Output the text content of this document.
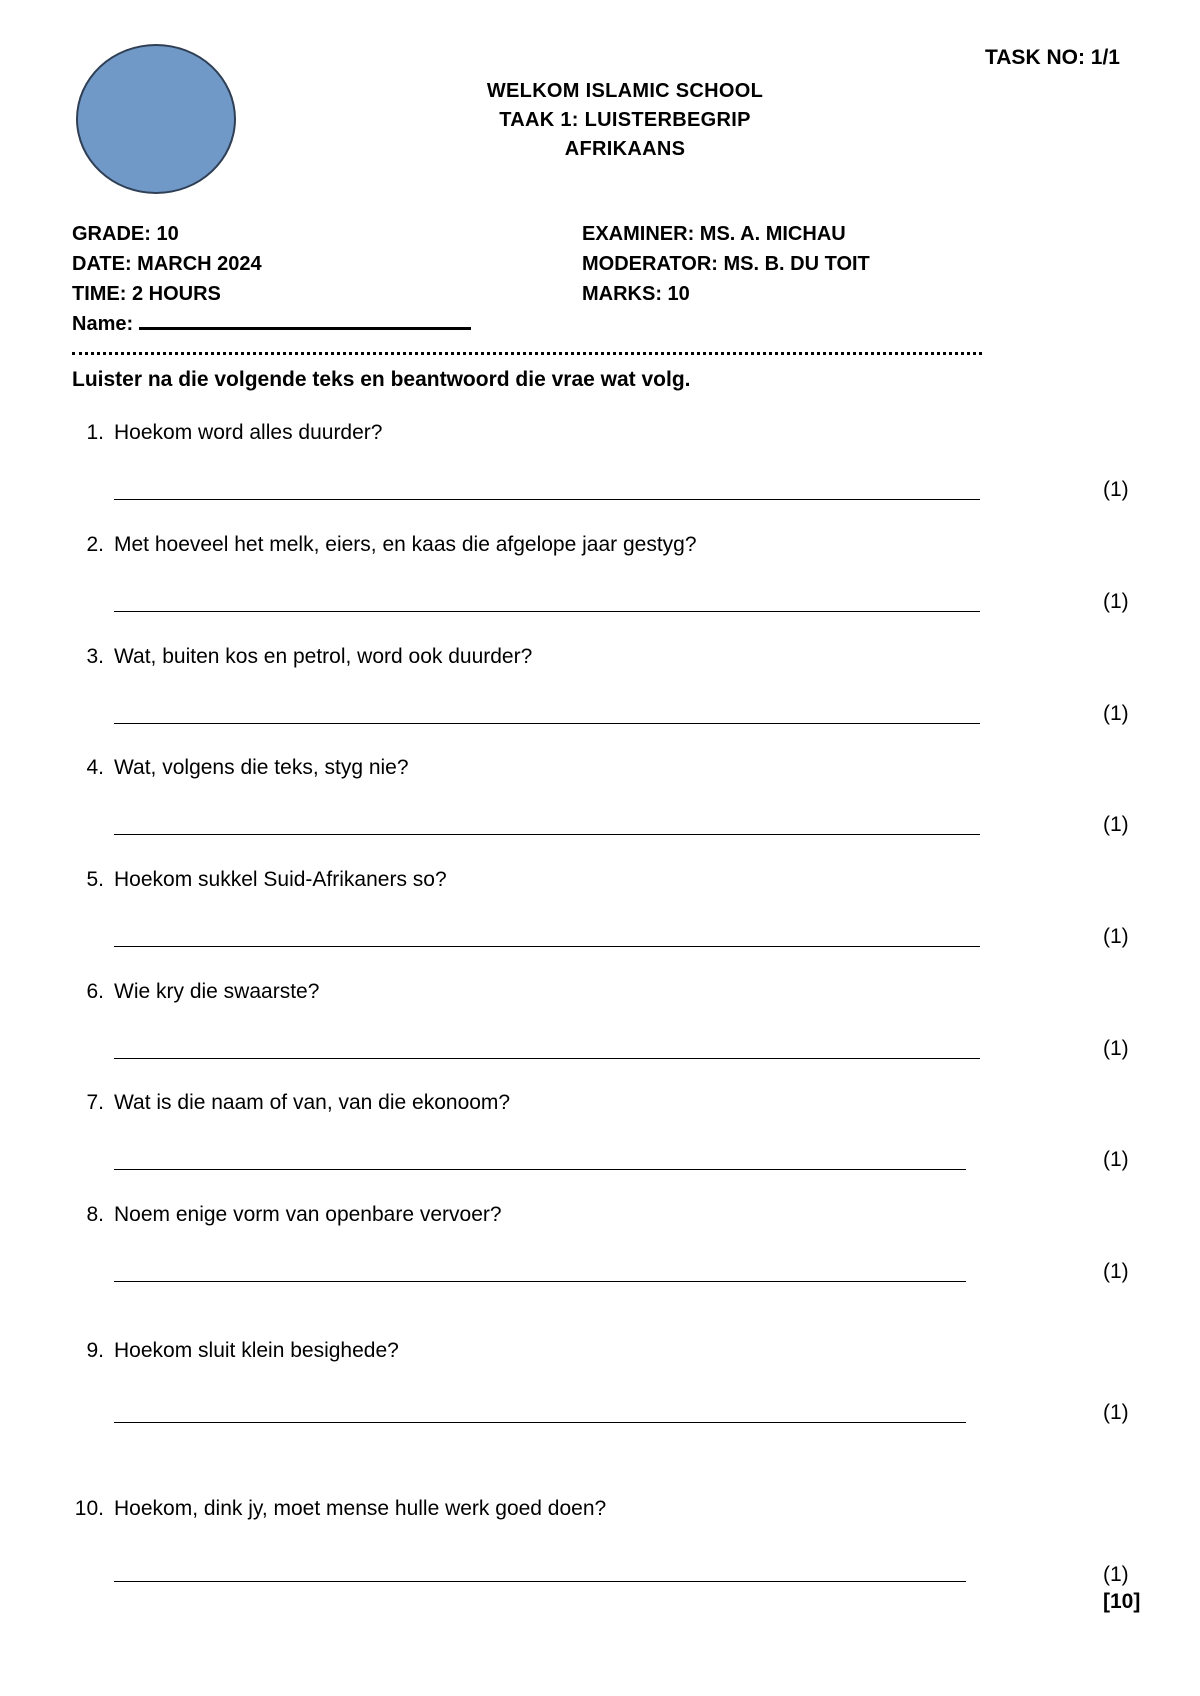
TASK NO: 1/1
WELKOM ISLAMIC SCHOOL
TAAK 1: LUISTERBEGRIP
AFRIKAANS
GRADE: 10
DATE: MARCH 2024
TIME: 2 HOURS
Name:
EXAMINER: MS. A. MICHAU
MODERATOR: MS. B. DU TOIT
MARKS: 10
Luister na die volgende teks en beantwoord die vrae wat volg.
1. Hoekom word alles duurder?
(1)
2. Met hoeveel het melk, eiers, en kaas die afgelope jaar gestyg?
(1)
3. Wat, buiten kos en petrol, word ook duurder?
(1)
4. Wat, volgens die teks, styg nie?
(1)
5. Hoekom sukkel Suid-Afrikaners so?
(1)
6. Wie kry die swaarste?
(1)
7. Wat is die naam of van, van die ekonoom?
(1)
8. Noem enige vorm van openbare vervoer?
(1)
9. Hoekom sluit klein besighede?
(1)
10. Hoekom, dink jy, moet mense hulle werk goed doen?
(1)
[10]
